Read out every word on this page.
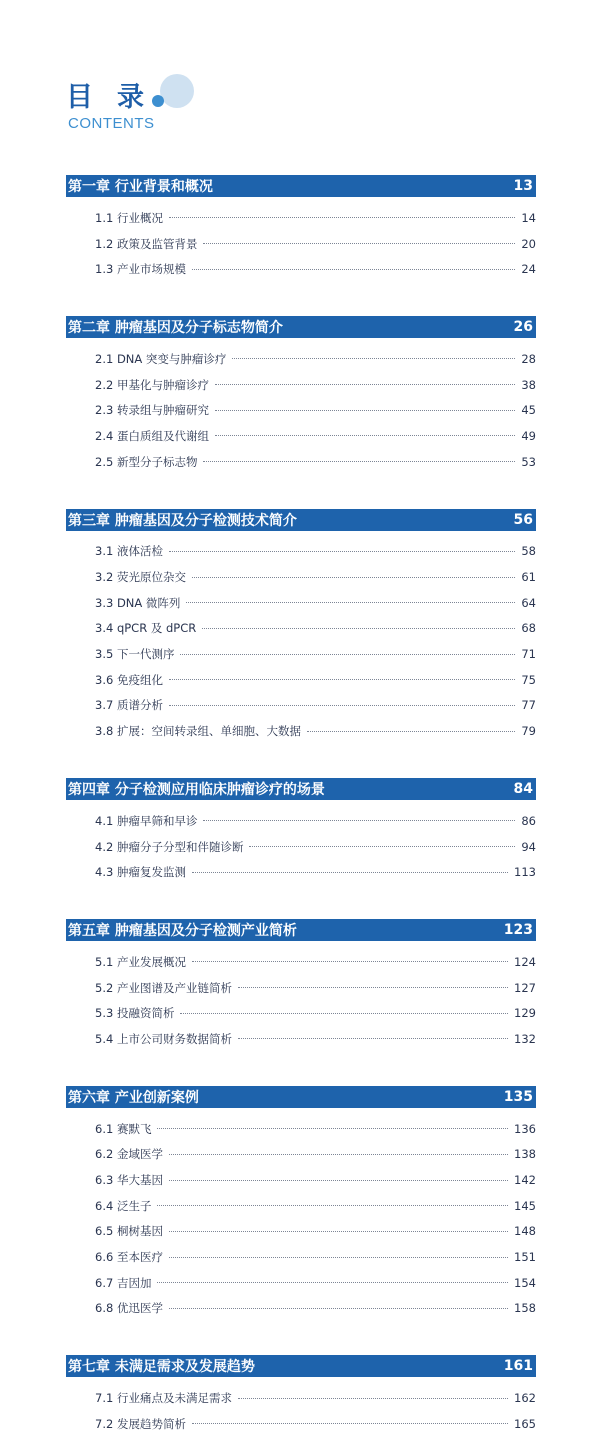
目录
CONTENTS
第一章 行业背景和概况	13
1.1 行业概况	14
1.2 政策及监管背景	20
1.3 产业市场规模	24
第二章 肿瘤基因及分子标志物简介	26
2.1 DNA 突变与肿瘤诊疗	28
2.2 甲基化与肿瘤诊疗	38
2.3 转录组与肿瘤研究	45
2.4 蛋白质组及代谢组	49
2.5 新型分子标志物	53
第三章 肿瘤基因及分子检测技术简介	56
3.1 液体活检	58
3.2 荧光原位杂交	61
3.3 DNA 微阵列	64
3.4 qPCR 及 dPCR	68
3.5 下一代测序	71
3.6 免疫组化	75
3.7 质谱分析	77
3.8 扩展：空间转录组、单细胞、大数据	79
第四章 分子检测应用临床肿瘤诊疗的场景	84
4.1 肿瘤早筛和早诊	86
4.2 肿瘤分子分型和伴随诊断	94
4.3 肿瘤复发监测	113
第五章 肿瘤基因及分子检测产业简析	123
5.1 产业发展概况	124
5.2 产业图谱及产业链简析	127
5.3 投融资简析	129
5.4 上市公司财务数据简析	132
第六章 产业创新案例	135
6.1 赛默飞	136
6.2 金域医学	138
6.3 华大基因	142
6.4 泛生子	145
6.5 桐树基因	148
6.6 至本医疗	151
6.7 吉因加	154
6.8 优迅医学	158
第七章 未满足需求及发展趋势	161
7.1 行业痛点及未满足需求	162
7.2 发展趋势简析	165
